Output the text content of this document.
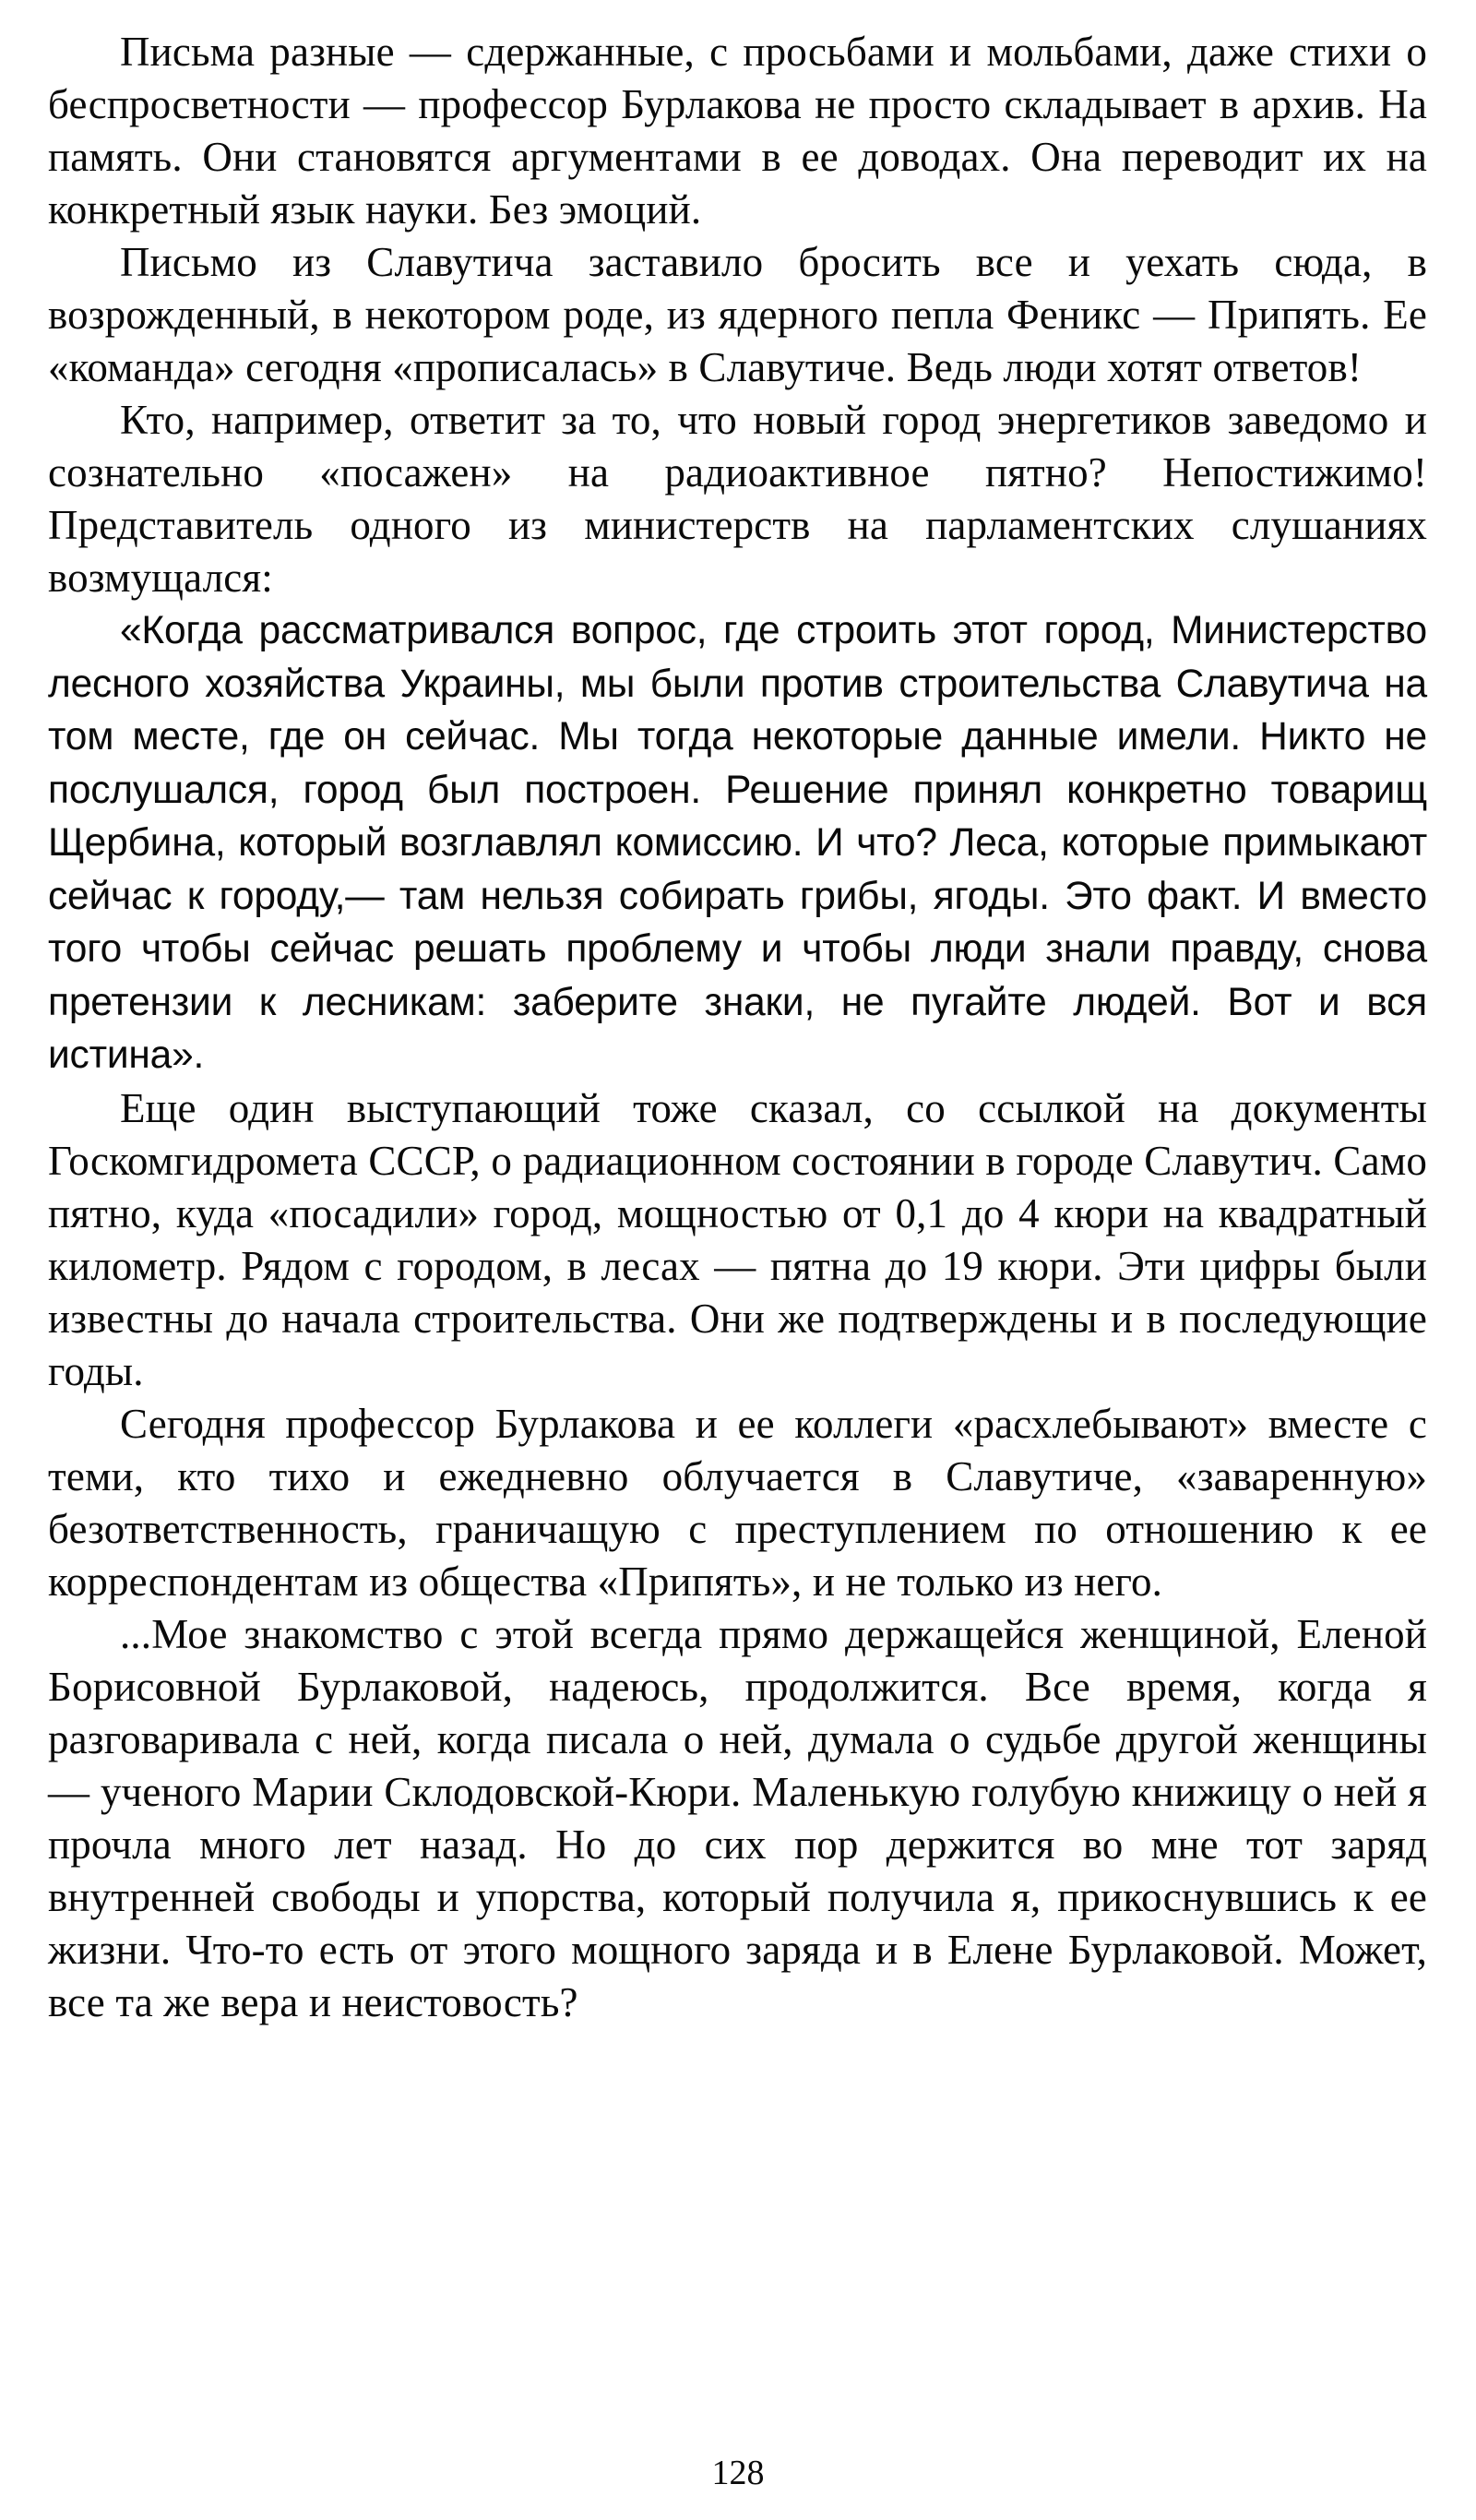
Письма разные — сдержанные, с просьбами и мольбами, даже стихи о беспросветности — профессор Бурлакова не просто складывает в архив. На память. Они становятся аргументами в ее доводах. Она переводит их на конкретный язык науки. Без эмоций.

Письмо из Славутича заставило бросить все и уехать сюда, в возрожденный, в некотором роде, из ядерного пепла Феникс — Припять. Ее «команда» сегодня «прописалась» в Славутиче. Ведь люди хотят ответов!

Кто, например, ответит за то, что новый город энергетиков заведомо и сознательно «посажен» на радиоактивное пятно? Непостижимо! Представитель одного из министерств на парламентских слушаниях возмущался:

«Когда рассматривался вопрос, где строить этот город, Министерство лесного хозяйства Украины, мы были против строительства Славутича на том месте, где он сейчас. Мы тогда некоторые данные имели. Никто не послушался, город был построен. Решение принял конкретно товарищ Щербина, который возглавлял комиссию. И что? Леса, которые примыкают сейчас к городу,— там нельзя собирать грибы, ягоды. Это факт. И вместо того чтобы сейчас решать проблему и чтобы люди знали правду, снова претензии к лесникам: заберите знаки, не пугайте людей. Вот и вся истина».

Еще один выступающий тоже сказал, со ссылкой на документы Госкомгидромета СССР, о радиационном состоянии в городе Славутич. Само пятно, куда «посадили» город, мощностью от 0,1 до 4 кюри на квадратный километр. Рядом с городом, в лесах — пятна до 19 кюри. Эти цифры были известны до начала строительства. Они же подтверждены и в последующие годы.

Сегодня профессор Бурлакова и ее коллеги «расхлебывают» вместе с теми, кто тихо и ежедневно облучается в Славутиче, «заваренную» безответственность, граничащую с преступлением по отношению к ее корреспондентам из общества «Припять», и не только из него.

...Мое знакомство с этой всегда прямо держащейся женщиной, Еленой Борисовной Бурлаковой, надеюсь, продолжится. Все время, когда я разговаривала с ней, когда писала о ней, думала о судьбе другой женщины — ученого Марии Склодовской-Кюри. Маленькую голубую книжицу о ней я прочла много лет назад. Но до сих пор держится во мне тот заряд внутренней свободы и упорства, который получила я, прикоснувшись к ее жизни. Что-то есть от этого мощного заряда и в Елене Бурлаковой. Может, все та же вера и неистовость?

128
